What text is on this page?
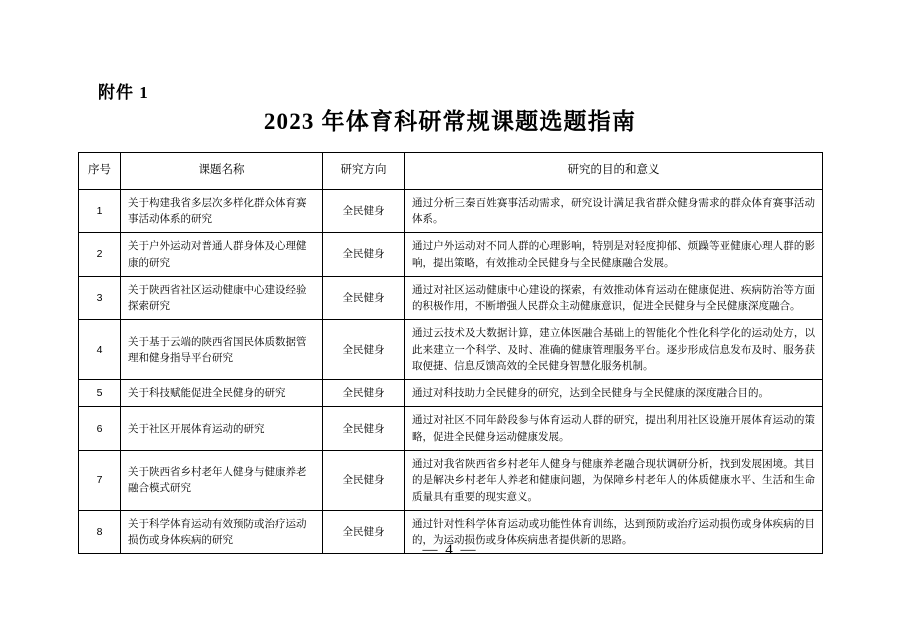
附件 1
2023 年体育科研常规课题选题指南
序号	课题名称	研究方向	研究的目的和意义
1	关于构建我省多层次多样化群众体育赛事活动体系的研究	全民健身	通过分析三秦百姓赛事活动需求，研究设计满足我省群众健身需求的群众体育赛事活动体系。
2	关于户外运动对普通人群身体及心理健康的研究	全民健身	通过户外运动对不同人群的心理影响，特别是对轻度抑郁、烦躁等亚健康心理人群的影响，提出策略，有效推动全民健身与全民健康融合发展。
3	关于陕西省社区运动健康中心建设经验探索研究	全民健身	通过对社区运动健康中心建设的探索，有效推动体育运动在健康促进、疾病防治等方面的积极作用，不断增强人民群众主动健康意识，促进全民健身与全民健康深度融合。
4	关于基于云端的陕西省国民体质数据管理和健身指导平台研究	全民健身	通过云技术及大数据计算，建立体医融合基础上的智能化个性化科学化的运动处方，以此来建立一个科学、及时、准确的健康管理服务平台。逐步形成信息发布及时、服务获取便捷、信息反馈高效的全民健身智慧化服务机制。
5	关于科技赋能促进全民健身的研究	全民健身	通过对科技助力全民健身的研究，达到全民健身与全民健康的深度融合目的。
6	关于社区开展体育运动的研究	全民健身	通过对社区不同年龄段参与体育运动人群的研究，提出利用社区设施开展体育运动的策略，促进全民健身运动健康发展。
7	关于陕西省乡村老年人健身与健康养老融合模式研究	全民健身	通过对我省陕西省乡村老年人健身与健康养老融合现状调研分析，找到发展困境。其目的是解决乡村老年人养老和健康问题，为保障乡村老年人的体质健康水平、生活和生命质量具有重要的现实意义。
8	关于科学体育运动有效预防或治疗运动损伤或身体疾病的研究	全民健身	通过针对性科学体育运动或功能性体育训练，达到预防或治疗运动损伤或身体疾病的目的，为运动损伤或身体疾病患者提供新的思路。
— 4 —
